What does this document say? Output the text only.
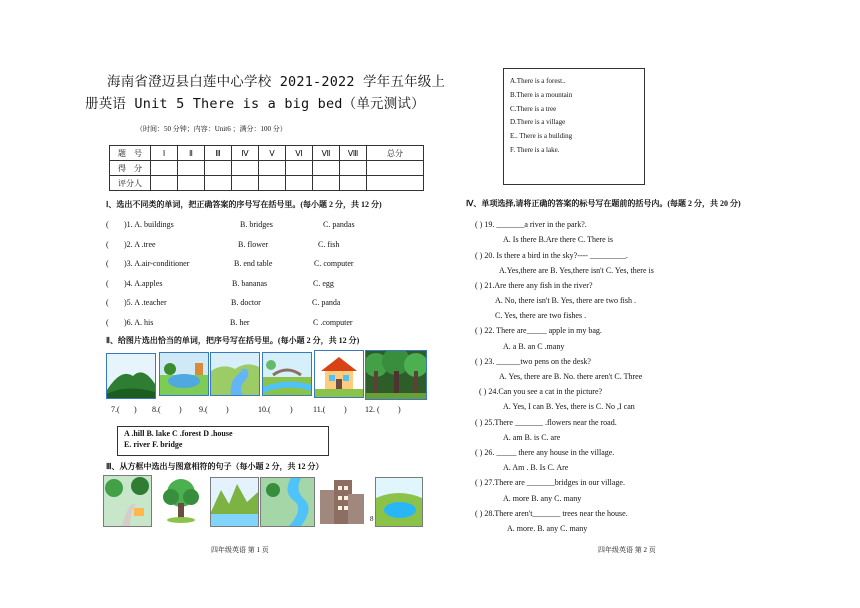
海南省澄迈县白莲中心学校 2021-2022 学年五年级上
册英语 Unit 5 There is a big bed（单元测试）
（时间：50 分钟；内容：Unit6 ；满分：100 分）
题　号	Ⅰ	Ⅱ	Ⅲ	Ⅳ	Ⅴ	Ⅵ	Ⅶ	Ⅷ	总分
得　分									
评分人									
Ⅰ、选出不同类的单词，把正确答案的序号写在括号里。(每小题 2 分，共 12 分)
( )1. A. buildings	B. bridges	C. pandas
( )2. A .tree	B. flower	C. fish
( )3. A.air-conditioner	B. end table	C. computer
( )4. A.apples	B. bananas	C. egg
( )5. A .teacher	B. doctor	C. panda
( )6. A. his	B. her	C .computer
Ⅱ、给图片选出恰当的单词，把序号写在括号里。(每小题 2 分，共 12 分)
7.( ) 8.( ) 9.( )	10.( )	11.( ) 12. ( )
A .hill B. lake C .forest D .house
E. river F. bridge
Ⅲ、从方框中选出与图意相符的句子（每小题 2 分，共 12 分）
8
四年级英语 第 1 页	四年级英语 第 2 页
A.There is a forest..
B.There is a mountain
C.There is a tree
D.There is a village
E.. There is a building
F. There is a lake.
Ⅳ、单项选择,请将正确的答案的标号写在题前的括号内。(每题 2 分，共 20 分)
( ) 19. _______a river in the park?.
A. Is there B.Are there C. There is
( ) 20. Is there a bird in the sky?---- _________.
A.Yes,there are B. Yes,there isn't C. Yes, there is
( ) 21.Are there any fish in the river?
A. No, there isn't B. Yes, there are two fish .
C. Yes, there are two fishes .
( ) 22. There are_____ apple in my bag.
A. a B. an C .many
( ) 23. ______two pens on the desk?
A. Yes, there are B. No. there aren't C. Three
( ) 24.Can you see a cat in the picture?
A. Yes, I can B. Yes, there is C. No ,I can
( ) 25.There _______ .flowers near the road.
A. am B. is C. are
( ) 26. _____ there any house in the village.
A. Am . B. Is C. Are
( ) 27.There are _______bridges in our village.
A. more B. any C. many
( ) 28.There aren't_______ trees near the house.
A. more. B. any C. many
